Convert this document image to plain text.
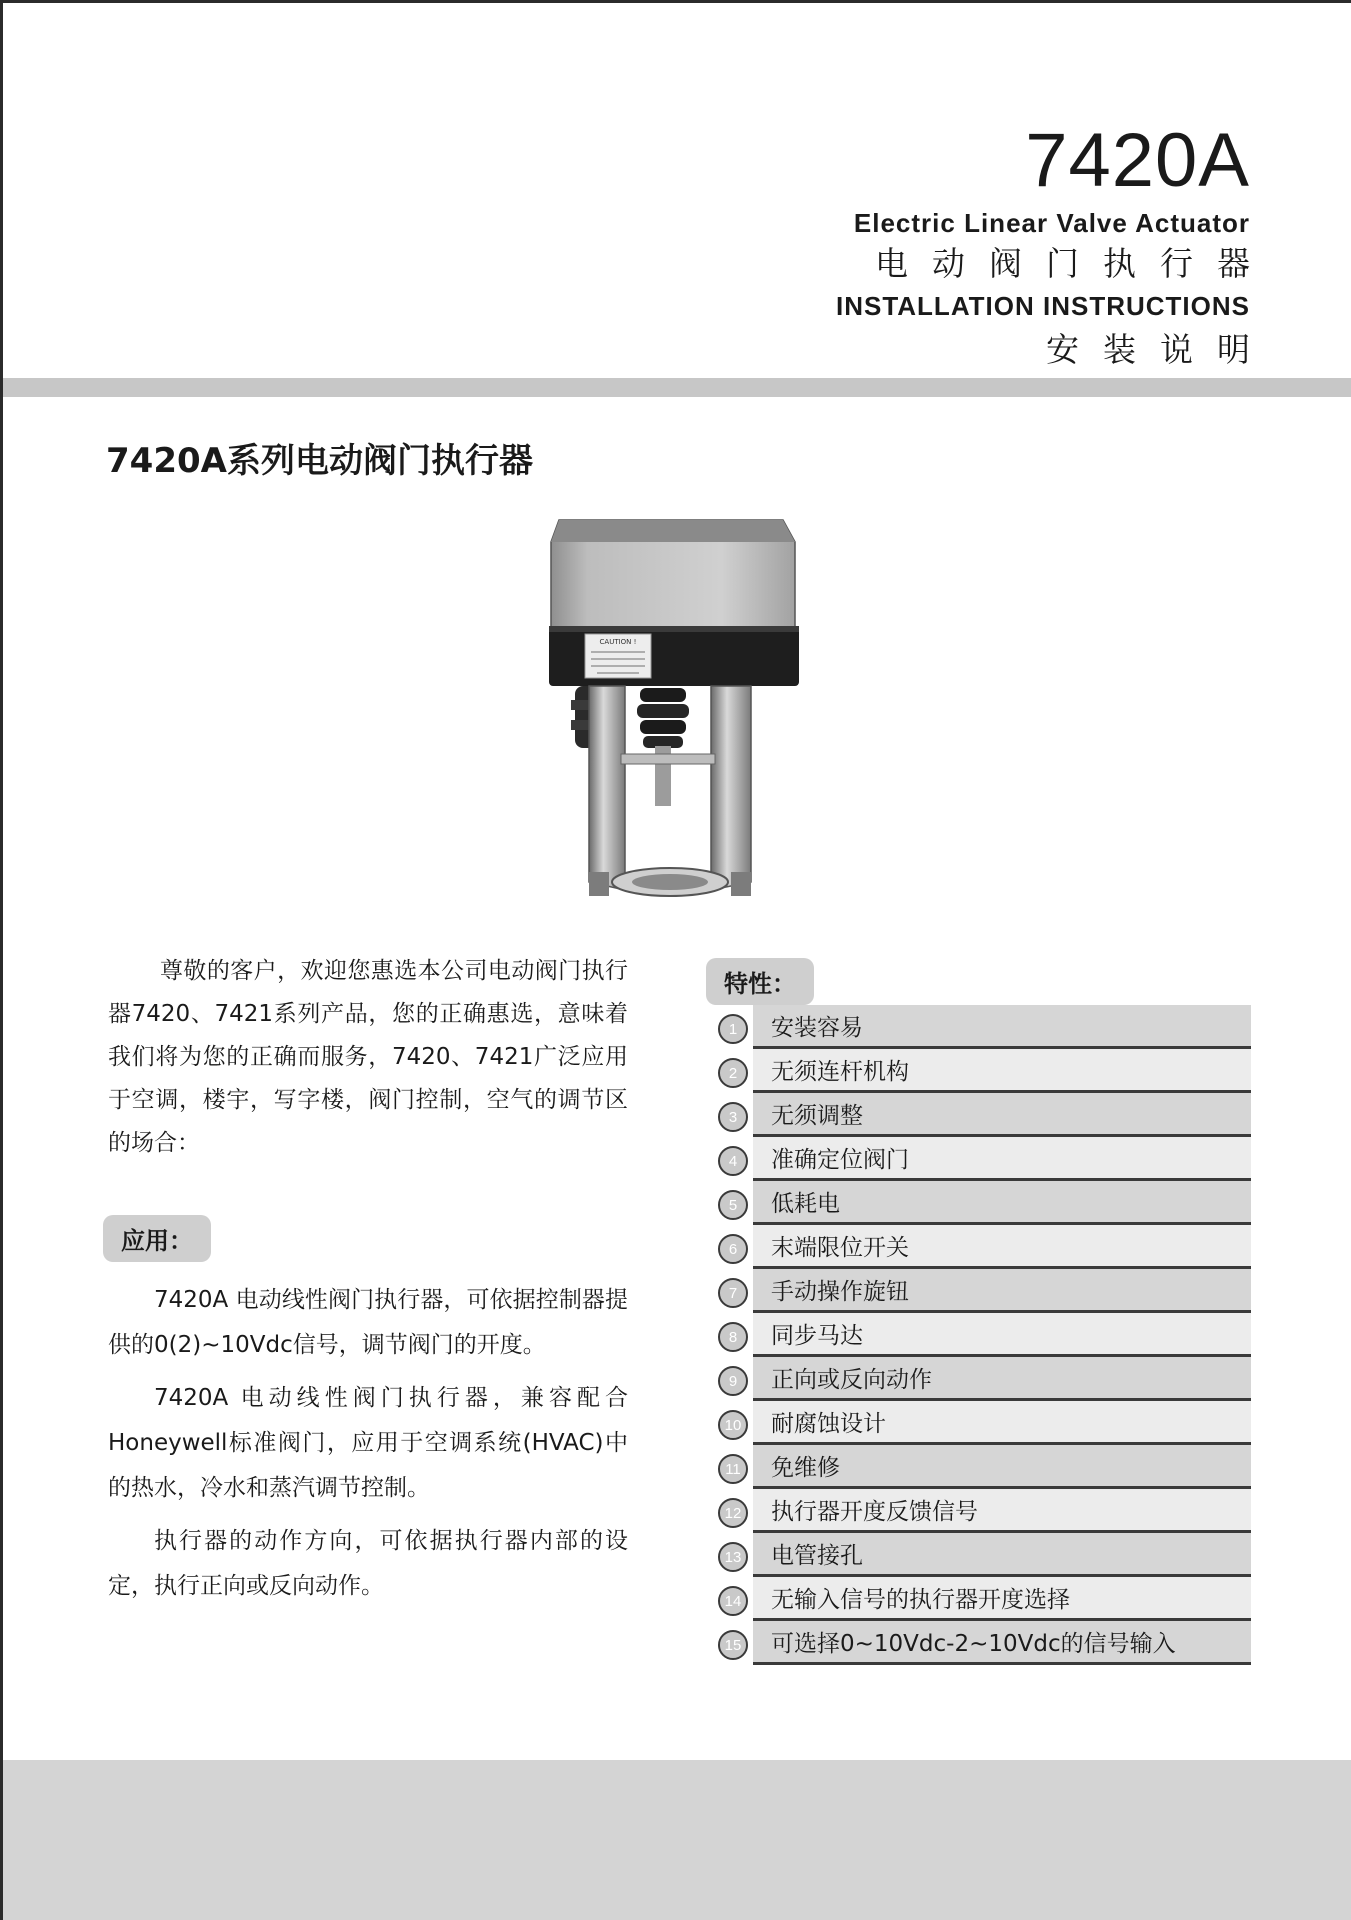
7420A
Electric Linear Valve Actuator
电动阀门执行器
INSTALLATION INSTRUCTIONS
安装说明
7420A系列电动阀门执行器
CAUTION !

尊敬的客户，欢迎您惠选本公司电动阀门执行器7420、7421系列产品，您的正确惠选，意味着我们将为您的正确而服务，7420、7421广泛应用于空调，楼宇，写字楼，阀门控制，空气的调节区的场合：

应用：

7420A 电动线性阀门执行器，可依据控制器提供的0(2)~10Vdc信号，调节阀门的开度。

7420A 电动线性阀门执行器，兼容配合Honeywell标准阀门，应用于空调系统(HVAC)中的热水，冷水和蒸汽调节控制。

执行器的动作方向，可依据执行器内部的设定，执行正向或反向动作。

特性：
1	安装容易
2	无须连杆机构
3	无须调整
4	准确定位阀门
5	低耗电
6	末端限位开关
7	手动操作旋钮
8	同步马达
9	正向或反向动作
10	耐腐蚀设计
11	免维修
12	执行器开度反馈信号
13	电管接孔
14	无输入信号的执行器开度选择
15	可选择0~10Vdc-2~10Vdc的信号输入
